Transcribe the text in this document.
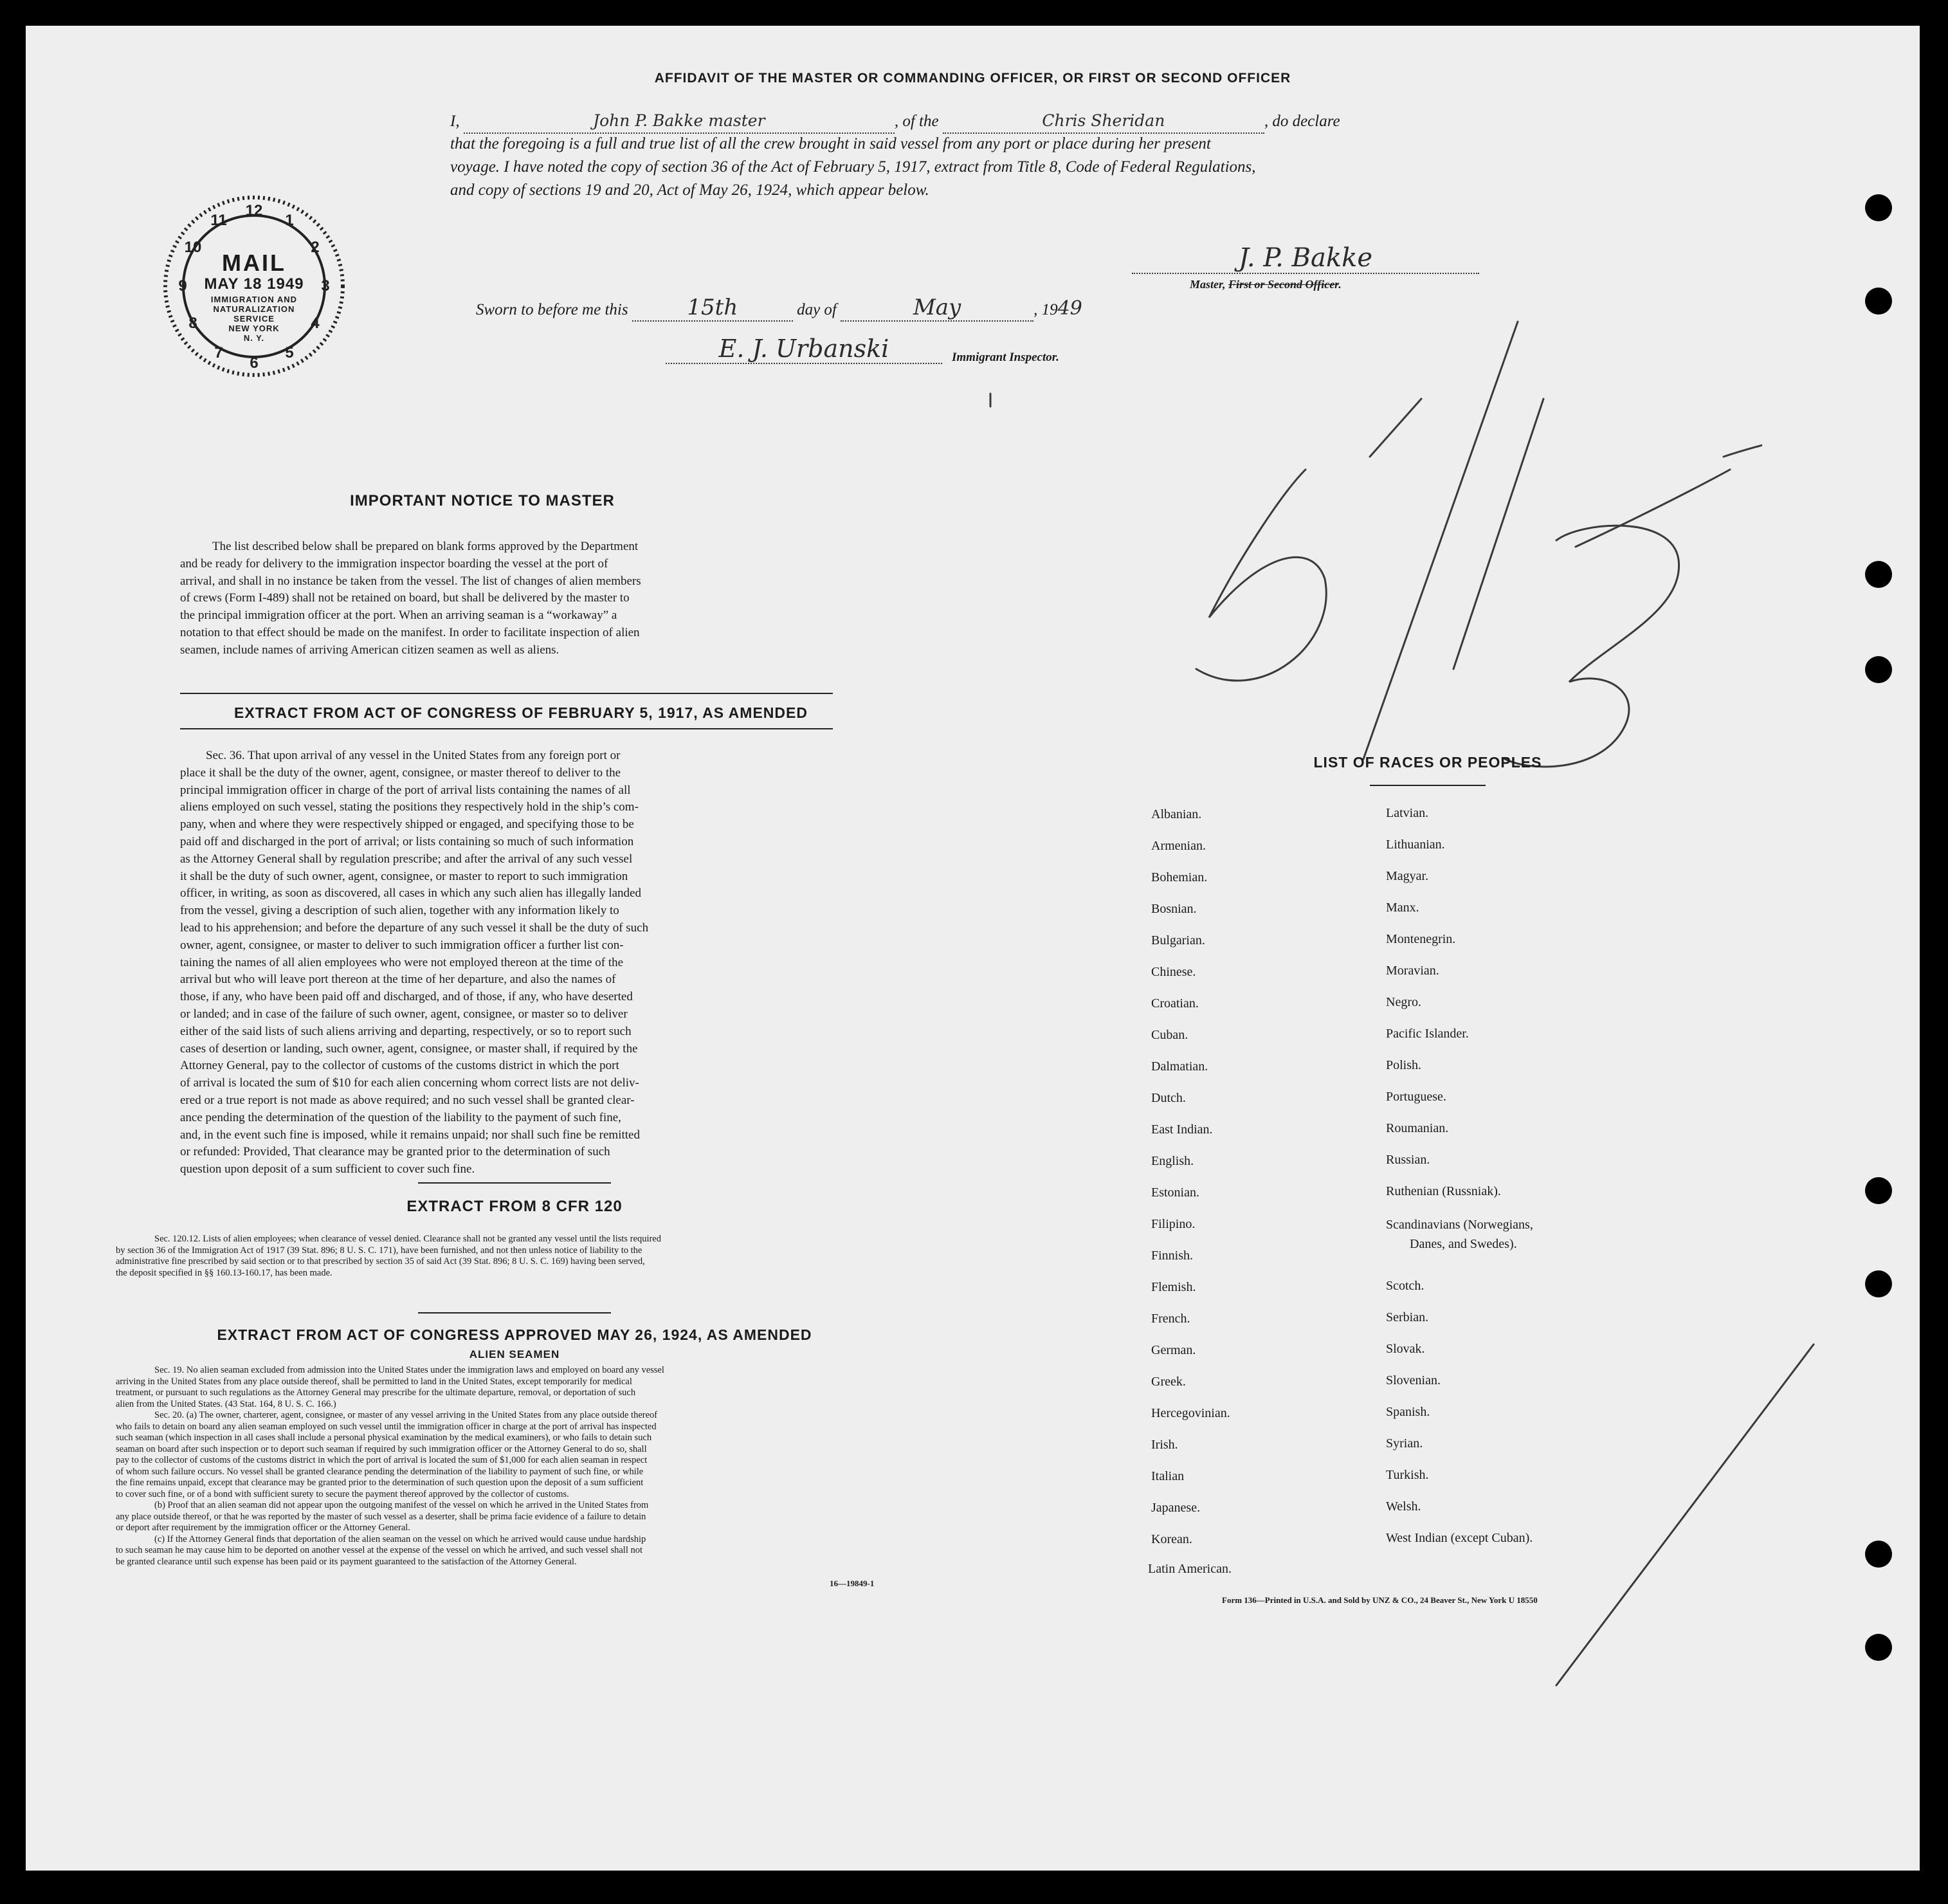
AFFIDAVIT OF THE MASTER OR COMMANDING OFFICER, OR FIRST OR SECOND OFFICER
I,	John P. Bakke master	, of the	Chris Sheridan	, do declare
that the foregoing is a full and true list of all the crew brought in said vessel from any port or place during her present
voyage. I have noted the copy of section 36 of the Act of February 5, 1917, extract from Title 8, Code of Federal Regulations,
and copy of sections 19 and 20, Act of May 26, 1924, which appear below.
J. P. Bakke
Master, First or Second Officer.
Sworn to before me this	15th	day of	May	, 1949
E. J. Urbanski	Immigrant Inspector.
12
1
2
3
4
5
6
7
8
9
10
11
MAIL
MAY 18 1949
IMMIGRATION AND
NATURALIZATION
SERVICE
NEW YORK
N. Y.
IMPORTANT NOTICE TO MASTER
The list described below shall be prepared on blank forms approved by the Department
and be ready for delivery to the immigration inspector boarding the vessel at the port of
arrival, and shall in no instance be taken from the vessel. The list of changes of alien members
of crews (Form I-489) shall not be retained on board, but shall be delivered by the master to
the principal immigration officer at the port. When an arriving seaman is a “workaway” a
notation to that effect should be made on the manifest. In order to facilitate inspection of alien
seamen, include names of arriving American citizen seamen as well as aliens.
EXTRACT FROM ACT OF CONGRESS OF FEBRUARY 5, 1917, AS AMENDED
Sec. 36. That upon arrival of any vessel in the United States from any foreign port or
place it shall be the duty of the owner, agent, consignee, or master thereof to deliver to the
principal immigration officer in charge of the port of arrival lists containing the names of all
aliens employed on such vessel, stating the positions they respectively hold in the ship’s com-
pany, when and where they were respectively shipped or engaged, and specifying those to be
paid off and discharged in the port of arrival; or lists containing so much of such information
as the Attorney General shall by regulation prescribe; and after the arrival of any such vessel
it shall be the duty of such owner, agent, consignee, or master to report to such immigration
officer, in writing, as soon as discovered, all cases in which any such alien has illegally landed
from the vessel, giving a description of such alien, together with any information likely to
lead to his apprehension; and before the departure of any such vessel it shall be the duty of such
owner, agent, consignee, or master to deliver to such immigration officer a further list con-
taining the names of all alien employees who were not employed thereon at the time of the
arrival but who will leave port thereon at the time of her departure, and also the names of
those, if any, who have been paid off and discharged, and of those, if any, who have deserted
or landed; and in case of the failure of such owner, agent, consignee, or master so to deliver
either of the said lists of such aliens arriving and departing, respectively, or so to report such
cases of desertion or landing, such owner, agent, consignee, or master shall, if required by the
Attorney General, pay to the collector of customs of the customs district in which the port
of arrival is located the sum of $10 for each alien concerning whom correct lists are not deliv-
ered or a true report is not made as above required; and no such vessel shall be granted clear-
ance pending the determination of the question of the liability to the payment of such fine,
and, in the event such fine is imposed, while it remains unpaid; nor shall such fine be remitted
or refunded: Provided, That clearance may be granted prior to the determination of such
question upon deposit of a sum sufficient to cover such fine.
EXTRACT FROM 8 CFR 120
Sec. 120.12. Lists of alien employees; when clearance of vessel denied. Clearance shall not be granted any vessel until the lists required
by section 36 of the Immigration Act of 1917 (39 Stat. 896; 8 U. S. C. 171), have been furnished, and not then unless notice of liability to the
administrative fine prescribed by said section or to that prescribed by section 35 of said Act (39 Stat. 896; 8 U. S. C. 169) having been served,
the deposit specified in §§ 160.13-160.17, has been made.
EXTRACT FROM ACT OF CONGRESS APPROVED MAY 26, 1924, AS AMENDED
ALIEN SEAMEN
Sec. 19. No alien seaman excluded from admission into the United States under the immigration laws and employed on board any vessel
arriving in the United States from any place outside thereof, shall be permitted to land in the United States, except temporarily for medical
treatment, or pursuant to such regulations as the Attorney General may prescribe for the ultimate departure, removal, or deportation of such
alien from the United States. (43 Stat. 164, 8 U. S. C. 166.)
Sec. 20. (a) The owner, charterer, agent, consignee, or master of any vessel arriving in the United States from any place outside thereof
who fails to detain on board any alien seaman employed on such vessel until the immigration officer in charge at the port of arrival has inspected
such seaman (which inspection in all cases shall include a personal physical examination by the medical examiners), or who fails to detain such
seaman on board after such inspection or to deport such seaman if required by such immigration officer or the Attorney General to do so, shall
pay to the collector of customs of the customs district in which the port of arrival is located the sum of $1,000 for each alien seaman in respect
of whom such failure occurs. No vessel shall be granted clearance pending the determination of the liability to payment of such fine, or while
the fine remains unpaid, except that clearance may be granted prior to the determination of such question upon the deposit of a sum sufficient
to cover such fine, or of a bond with sufficient surety to secure the payment thereof approved by the collector of customs.
(b) Proof that an alien seaman did not appear upon the outgoing manifest of the vessel on which he arrived in the United States from
any place outside thereof, or that he was reported by the master of such vessel as a deserter, shall be prima facie evidence of a failure to detain
or deport after requirement by the immigration officer or the Attorney General.
(c) If the Attorney General finds that deportation of the alien seaman on the vessel on which he arrived would cause undue hardship
to such seaman he may cause him to be deported on another vessel at the expense of the vessel on which he arrived, and such vessel shall not
be granted clearance until such expense has been paid or its payment guaranteed to the satisfaction of the Attorney General.
16—19849-1
LIST OF RACES OR PEOPLES
Albanian.
Armenian.
Bohemian.
Bosnian.
Bulgarian.
Chinese.
Croatian.
Cuban.
Dalmatian.
Dutch.
East Indian.
English.
Estonian.
Filipino.
Finnish.
Flemish.
French.
German.
Greek.
Hercegovinian.
Irish.
Italian
Japanese.
Korean.
Latin American.
Latvian.
Lithuanian.
Magyar.
Manx.
Montenegrin.
Moravian.
Negro.
Pacific Islander.
Polish.
Portuguese.
Roumanian.
Russian.
Ruthenian (Russniak).
Scandinavians (Norwegians,
Danes, and Swedes).
Scotch.
Serbian.
Slovak.
Slovenian.
Spanish.
Syrian.
Turkish.
Welsh.
West Indian (except Cuban).
Form 136—Printed in U.S.A. and Sold by UNZ & CO., 24 Beaver St., New York U 18550
